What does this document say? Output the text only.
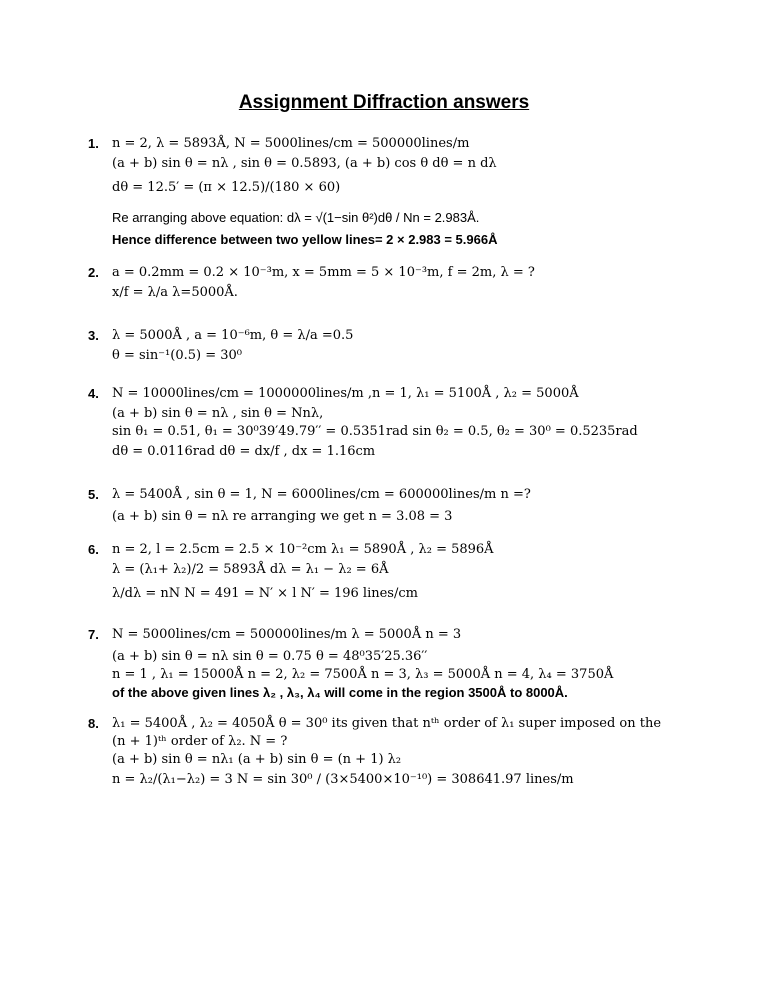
Assignment Diffraction answers
1. n = 2, λ = 5893Å, N = 5000lines/cm = 500000lines/m
(a + b) sin θ = nλ , sin θ = 0.5893, (a + b) cos θ dθ = n dλ
dθ = 12.5′ = (π × 12.5)/(180 × 60)
Re arranging above equation: dλ = √(1−sin θ²)dθ / Nn = 2.983Å.
Hence difference between two yellow lines= 2 × 2.983 = 5.966Å
2. a = 0.2mm = 0.2 × 10⁻³m, x = 5mm = 5 × 10⁻³m, f = 2m, λ = ?
x/f = λ/a λ=5000Å.
3. λ = 5000Å , a = 10⁻⁶m, θ = λ/a =0.5
θ = sin⁻¹(0.5) = 30⁰
4. N = 10000lines/cm = 1000000lines/m ,n = 1, λ₁ = 5100Å , λ₂ = 5000Å
(a + b) sin θ = nλ , sin θ = Nnλ,
sin θ₁ = 0.51, θ₁ = 30⁰39′49.79′′ = 0.5351rad sin θ₂ = 0.5, θ₂ = 30⁰ = 0.5235rad
dθ = 0.0116rad dθ = dx/f , dx = 1.16cm
5. λ = 5400Å , sin θ = 1, N = 6000lines/cm = 600000lines/m n =?
(a + b) sin θ = nλ re arranging we get n = 3.08 = 3
6. n = 2, l = 2.5cm = 2.5 × 10⁻²cm λ₁ = 5890Å , λ₂ = 5896Å
λ = (λ₁+ λ₂)/2 = 5893Å dλ = λ₁ − λ₂ = 6Å
λ/dλ = nN N = 491 = N′ × l N′ = 196 lines/cm
7. N = 5000lines/cm = 500000lines/m λ = 5000Å n = 3
(a + b) sin θ = nλ sin θ = 0.75 θ = 48⁰35′25.36′′
n = 1 , λ₁ = 15000Å n = 2, λ₂ = 7500Å n = 3, λ₃ = 5000Å n = 4, λ₄ = 3750Å
of the above given lines λ₂ , λ₃, λ₄ will come in the region 3500Å to 8000Å.
8. λ₁ = 5400Å , λ₂ = 4050Å θ = 30⁰ its given that nᵗʰ order of λ₁ super imposed on the
(n + 1)ᵗʰ order of λ₂. N = ?
(a + b) sin θ = nλ₁ (a + b) sin θ = (n + 1) λ₂
n = λ₂/(λ₁−λ₂) = 3 N = sin 30⁰ / (3×5400×10⁻¹⁰) = 308641.97 lines/m
